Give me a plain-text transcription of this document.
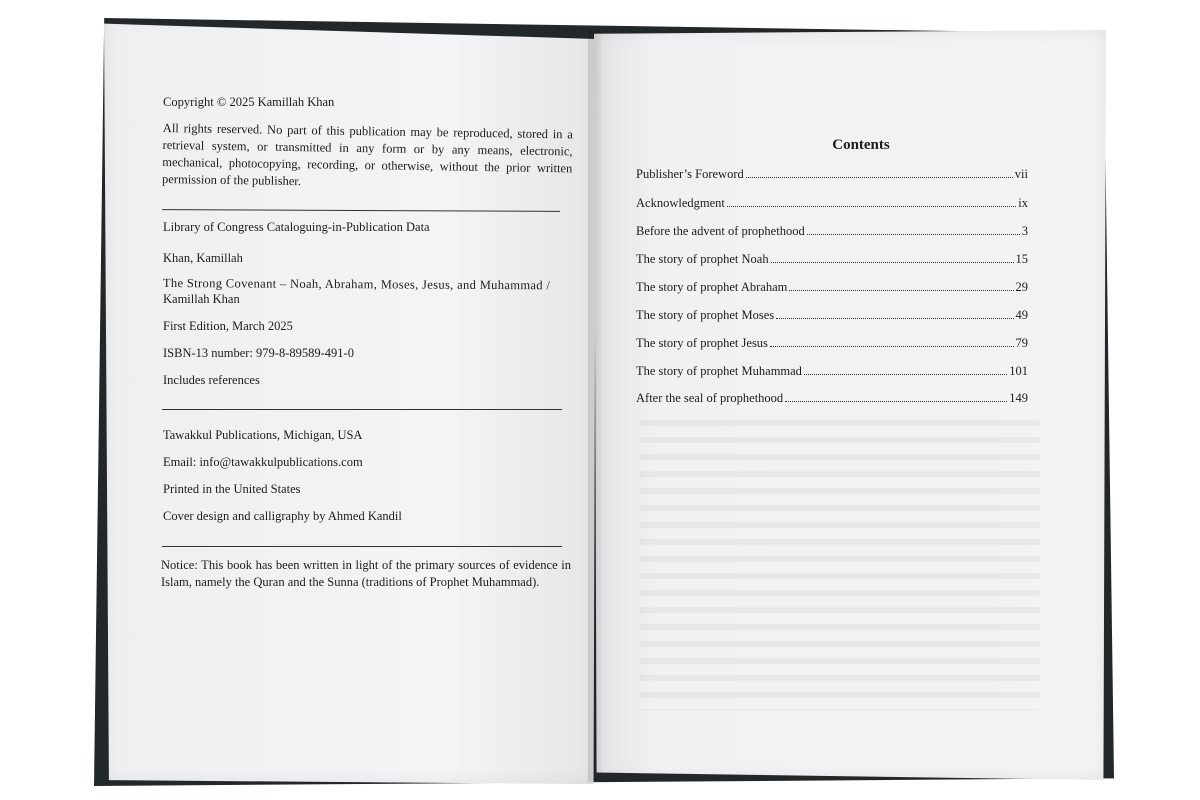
Copyright © 2025 Kamillah Khan
All rights reserved. No part of this publication may be reproduced, stored in a retrieval system, or transmitted in any form or by any means, electronic, mechanical, photocopying, recording, or otherwise, without the prior written permission of the publisher.
Library of Congress Cataloguing-in-Publication Data
Khan, Kamillah
The Strong Covenant – Noah, Abraham, Moses, Jesus, and Muhammad /
Kamillah Khan
First Edition, March 2025
ISBN-13 number: 979-8-89589-491-0
Includes references
Tawakkul Publications, Michigan, USA
Email: info@tawakkulpublications.com
Printed in the United States
Cover design and calligraphy by Ahmed Kandil
Notice: This book has been written in light of the primary sources of evidence in Islam, namely the Quran and the Sunna (traditions of Prophet Muhammad).
Contents
Publisher’s Foreword	vii
Acknowledgment	ix
Before the advent of prophethood	3
The story of prophet Noah	15
The story of prophet Abraham	29
The story of prophet Moses	49
The story of prophet Jesus	79
The story of prophet Muhammad	101
After the seal of prophethood	149
